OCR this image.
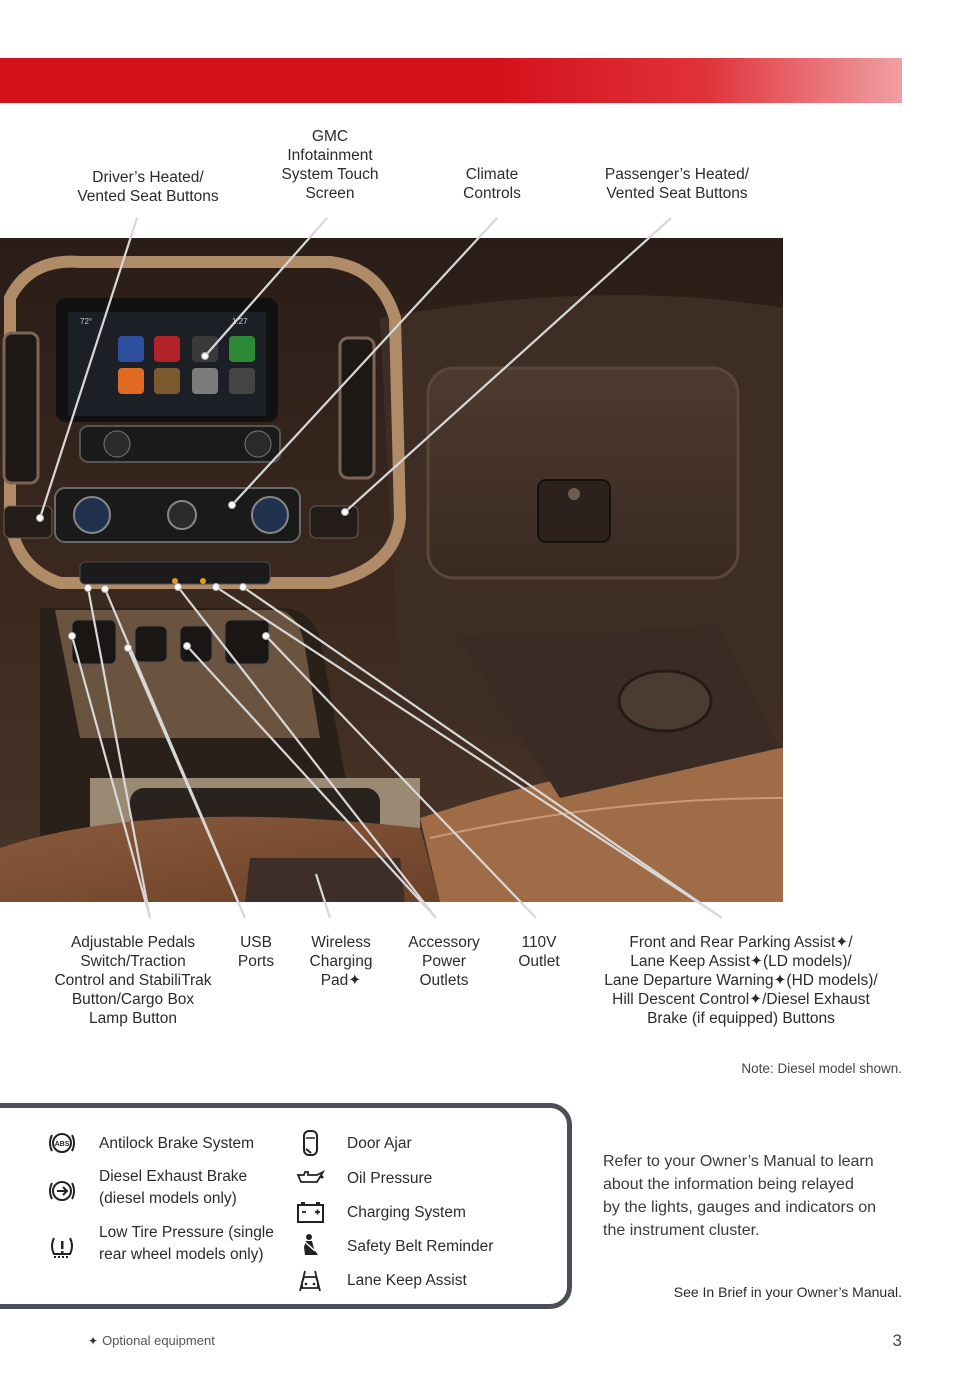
Driver’s Heated/
Vented Seat Buttons
GMC
Infotainment
System Touch
Screen
Climate
Controls
Passenger’s Heated/
Vented Seat Buttons
72°	1:27
Adjustable Pedals
Switch/Traction
Control and StabiliTrak
Button/Cargo Box
Lamp Button
USB
Ports
Wireless
Charging
Pad✦
Accessory
Power
Outlets
110V
Outlet
Front and Rear Parking Assist✦/
Lane Keep Assist✦(LD models)/
Lane Departure Warning✦(HD models)/
Hill Descent Control✦/Diesel Exhaust
Brake (if equipped) Buttons
Note: Diesel model shown.
ABS Antilock Brake System
Diesel Exhaust Brake
(diesel models only)
Low Tire Pressure (single
rear wheel models only)
Door Ajar
Oil Pressure
Charging System
Safety Belt Reminder
Lane Keep Assist
Refer to your Owner’s Manual to learn
about the information being relayed
by the lights, gauges and indicators on
the instrument cluster.
See In Brief in your Owner’s Manual.
✦ Optional equipment	3
